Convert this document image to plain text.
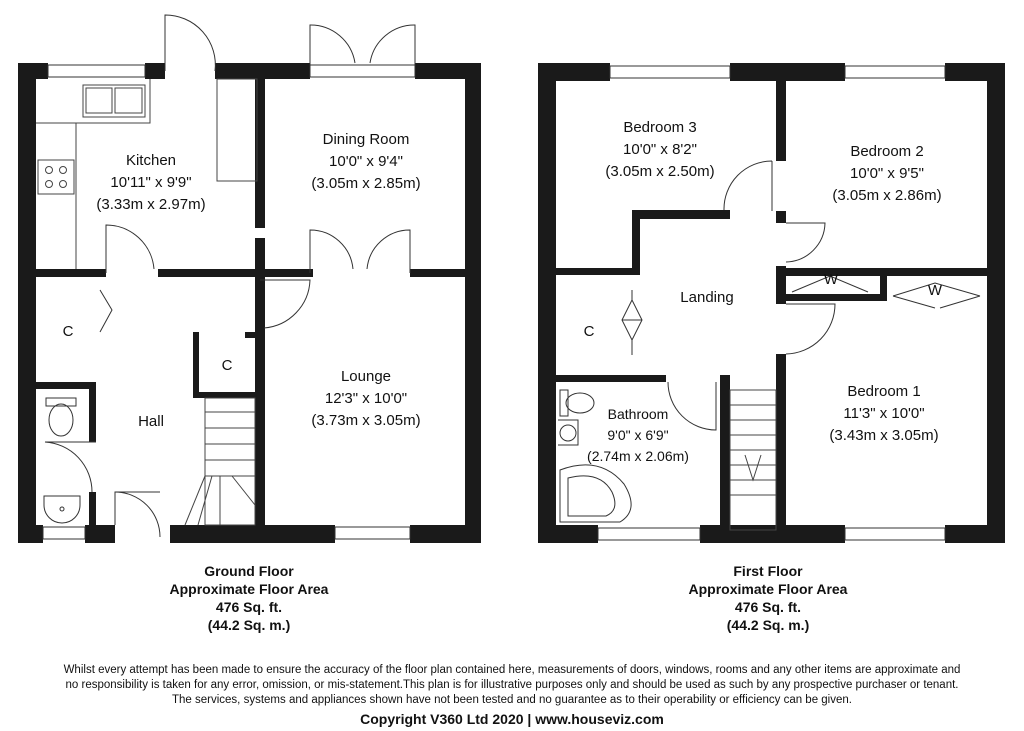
Kitchen
10'11" x 9'9"
(3.33m x 2.97m)
Dining Room
10'0" x 9'4"
(3.05m x 2.85m)
Lounge
12'3" x 10'0"
(3.73m x 3.05m)
Hall
C
C
Bedroom 3
10'0" x 8'2"
(3.05m x 2.50m)
Bedroom 2
10'0" x 9'5"
(3.05m x 2.86m)
Bedroom 1
11'3" x 10'0"
(3.43m x 3.05m)
Bathroom
9'0" x 6'9"
(2.74m x 2.06m)
Landing
C
W
W
Ground Floor
Approximate Floor Area
476 Sq. ft.
(44.2 Sq. m.)
First Floor
Approximate Floor Area
476 Sq. ft.
(44.2 Sq. m.)
Whilst every attempt has been made to ensure the accuracy of the floor plan contained here, measurements of doors, windows, rooms and any other items are approximate and
no responsibility is taken for any error, omission, or mis-statement.This plan is for illustrative purposes only and should be used as such by any prospective purchaser or tenant.
The services, systems and appliances shown have not been tested and no guarantee as to their operability or efficiency can be given.
Copyright V360 Ltd 2020 | www.houseviz.com
